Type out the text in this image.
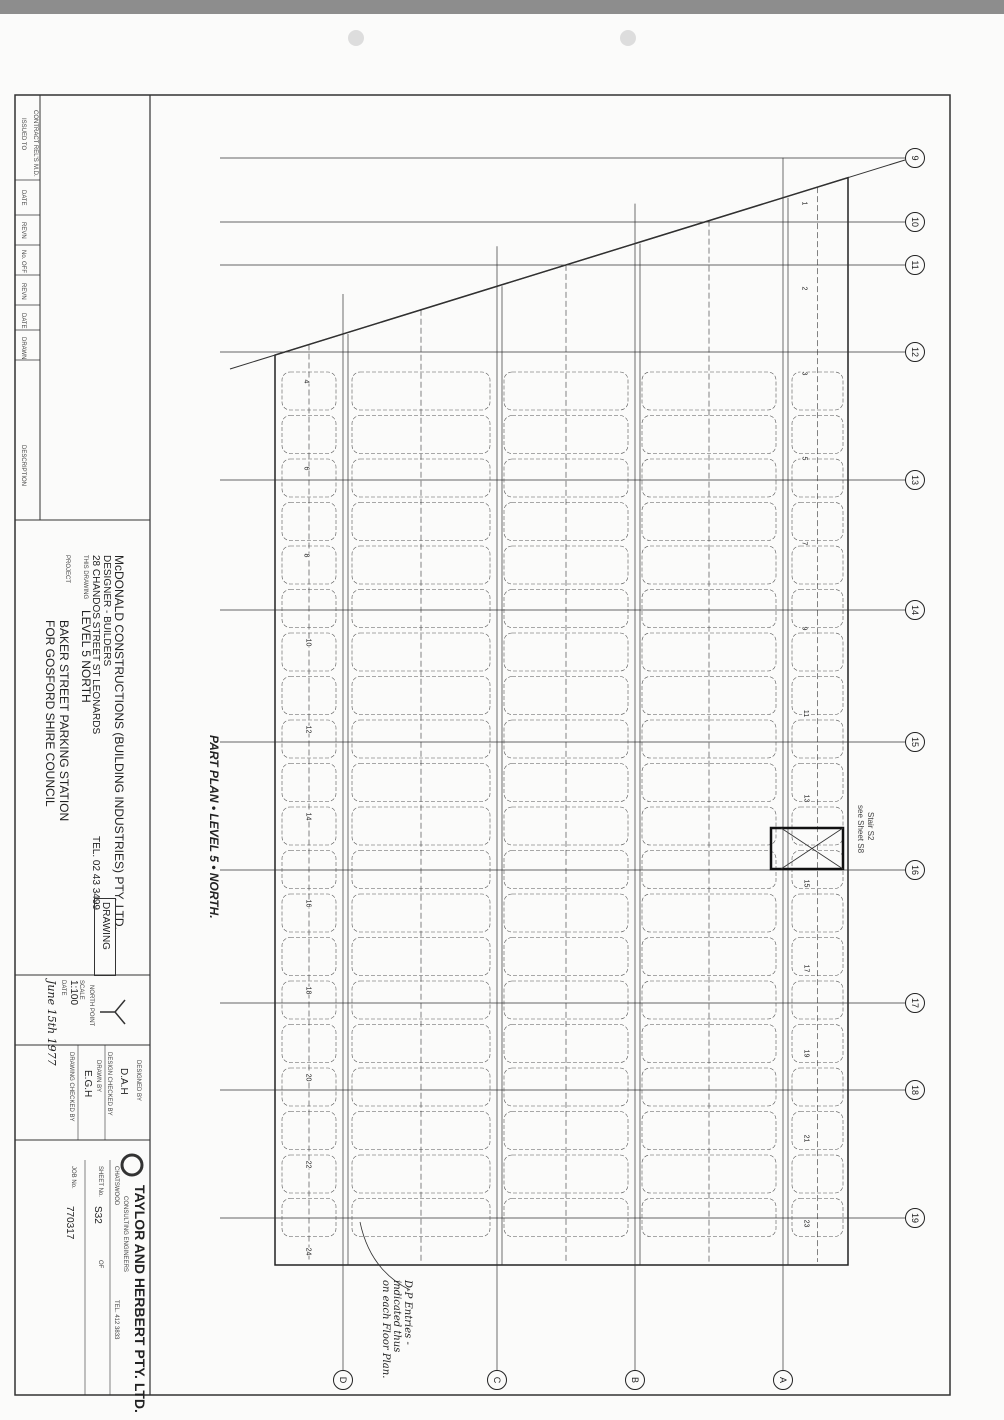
ISSUED TO
DATE
REVN
No. OFF
REVN
DATE
DRAWN
DESCRIPTION
CONTRACT REL'S
M.D.
McDONALD CONSTRUCTIONS (BUILDING INDUSTRIES) PTY. LTD.
DESIGNER - BUILDERS
28 CHANDOS STREET ST LEONARDS
TEL. 02 43 3499
THIS DRAWING
LEVEL 5 NORTH
PROJECT
BAKER STREET PARKING STATION
FOR GOSFORD SHIRE COUNCIL
DRAWING
NORTH POINT
SCALE
1:100
DATE
June 15th 1977
DESIGNED BY
D.A.H
DESIGN CHECKED BY
DRAWN BY
E.G.H
DRAWING CHECKED BY
TAYLOR AND HERBERT PTY. LTD.
CONSULTING ENGINEERS
CHATSWOOD
TEL. 412 3833
SHEET No.
S32
OF
JOB No.
770317
PART PLAN • LEVEL 5 • NORTH.	Stair S2
see Sheet S8
D-P Entries -
indicated thus
on each Floor Plan.
9
10
11
12
13
14
15
16
17
18
19
D	C	B	A
4
6
8
10
12
14
16
18
20
22
24
1
2
3
5
7
9
11
13
15
17
19
21
23
